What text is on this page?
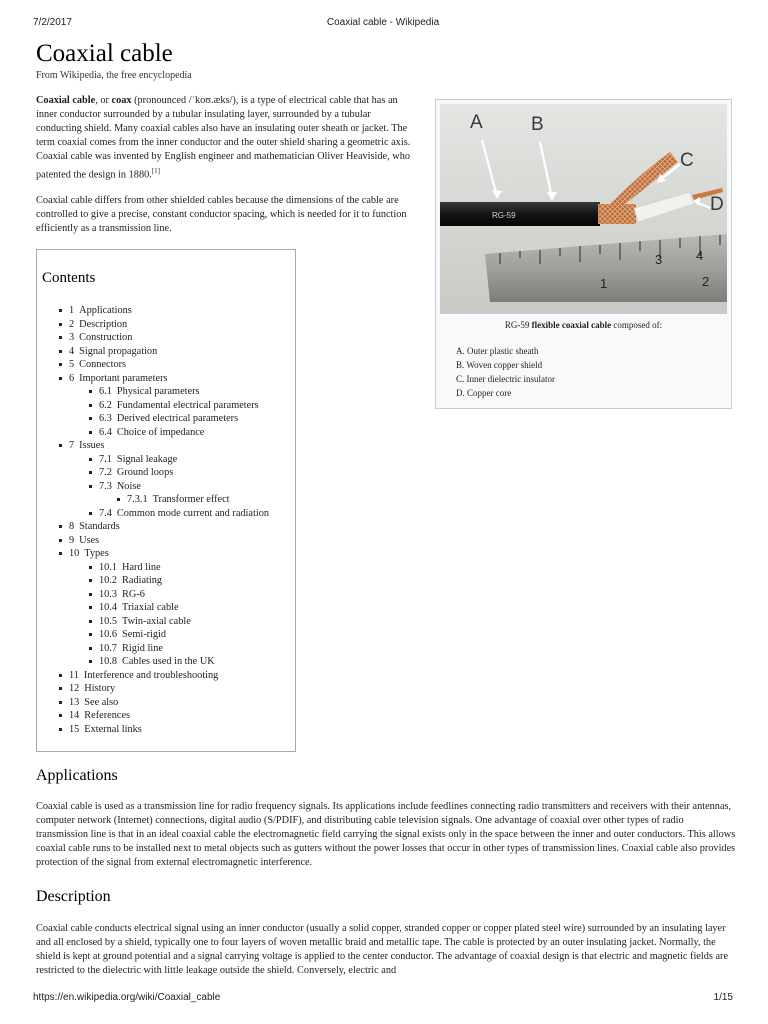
7/2/2017	Coaxial cable - Wikipedia
Coaxial cable
From Wikipedia, the free encyclopedia

Coaxial cable, or coax (pronounced /ˈkoʊ.æks/), is a type of electrical cable that has an inner conductor surrounded by a tubular insulating layer, surrounded by a tubular conducting shield. Many coaxial cables also have an insulating outer sheath or jacket. The term coaxial comes from the inner conductor and the outer shield sharing a geometric axis. Coaxial cable was invented by English engineer and mathematician Oliver Heaviside, who patented the design in 1880.[1]

Coaxial cable differs from other shielded cables because the dimensions of the cable are controlled to give a precise, constant conductor spacing, which is needed for it to function efficiently as a transmission line.

3	4
1	2
RG-59
A	B
C
D
RG-59 flexible coaxial cable composed of:
A. Outer plastic sheath
B. Woven copper shield
C. Inner dielectric insulator
D. Copper core
Contents
1 Applications
2 Description
3 Construction
4 Signal propagation
5 Connectors
6 Important parameters
6.1 Physical parameters
6.2 Fundamental electrical parameters
6.3 Derived electrical parameters
6.4 Choice of impedance
7 Issues
7.1 Signal leakage
7.2 Ground loops
7.3 Noise
7.3.1 Transformer effect
7.4 Common mode current and radiation
8 Standards
9 Uses
10 Types
10.1 Hard line
10.2 Radiating
10.3 RG-6
10.4 Triaxial cable
10.5 Twin-axial cable
10.6 Semi-rigid
10.7 Rigid line
10.8 Cables used in the UK
11 Interference and troubleshooting
12 History
13 See also
14 References
15 External links
Applications

Coaxial cable is used as a transmission line for radio frequency signals. Its applications include feedlines connecting radio transmitters and receivers with their antennas, computer network (Internet) connections, digital audio (S/PDIF), and distributing cable television signals. One advantage of coaxial over other types of radio transmission line is that in an ideal coaxial cable the electromagnetic field carrying the signal exists only in the space between the inner and outer conductors. This allows coaxial cable runs to be installed next to metal objects such as gutters without the power losses that occur in other types of transmission lines. Coaxial cable also provides protection of the signal from external electromagnetic interference.

Description

Coaxial cable conducts electrical signal using an inner conductor (usually a solid copper, stranded copper or copper plated steel wire) surrounded by an insulating layer and all enclosed by a shield, typically one to four layers of woven metallic braid and metallic tape. The cable is protected by an outer insulating jacket. Normally, the shield is kept at ground potential and a signal carrying voltage is applied to the center conductor. The advantage of coaxial design is that electric and magnetic fields are restricted to the dielectric with little leakage outside the shield. Conversely, electric and

https://en.wikipedia.org/wiki/Coaxial_cable	1/15
